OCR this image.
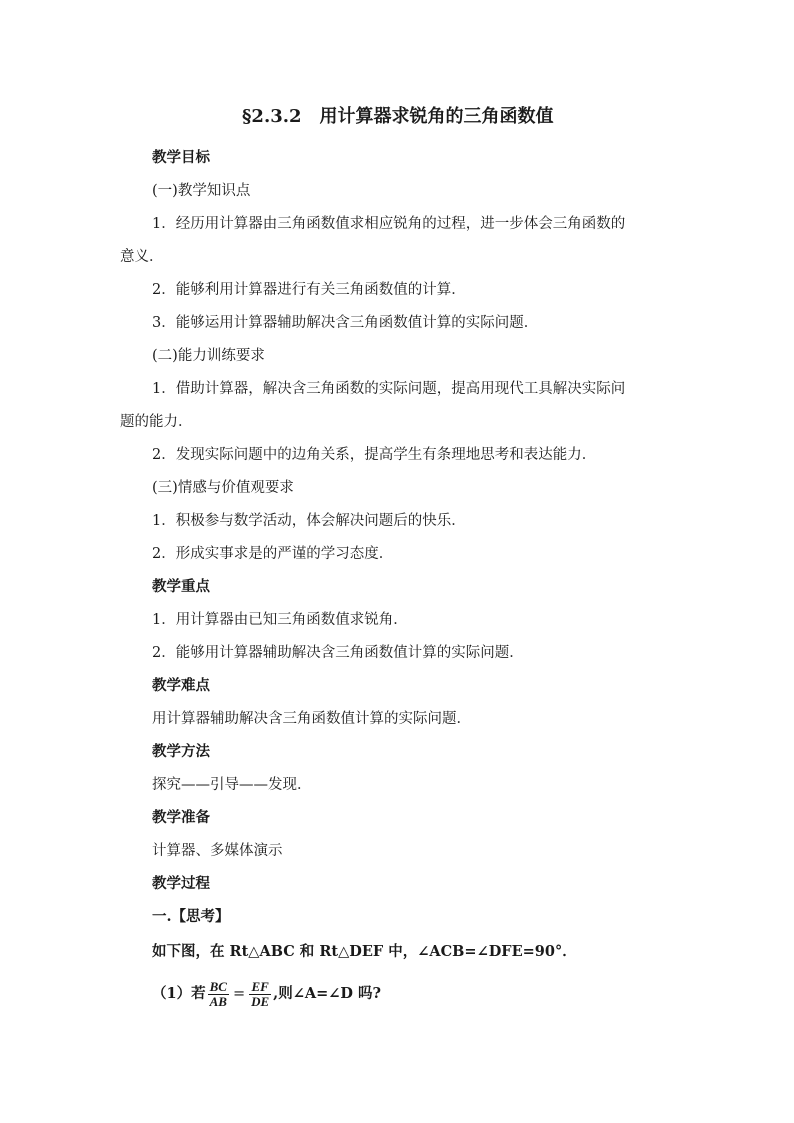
§2.3.2　用计算器求锐角的三角函数值
教学目标
(一)教学知识点
1．经历用计算器由三角函数值求相应锐角的过程，进一步体会三角函数的
意义．
2．能够利用计算器进行有关三角函数值的计算．
3．能够运用计算器辅助解决含三角函数值计算的实际问题．
(二)能力训练要求
1．借助计算器，解决含三角函数的实际问题，提高用现代工具解决实际问
题的能力．
2．发现实际问题中的边角关系，提高学生有条理地思考和表达能力．
(三)情感与价值观要求
1．积极参与数学活动，体会解决问题后的快乐．
2．形成实事求是的严谨的学习态度．
教学重点
1．用计算器由已知三角函数值求锐角．
2．能够用计算器辅助解决含三角函数值计算的实际问题．
教学难点
用计算器辅助解决含三角函数值计算的实际问题．
教学方法
探究——引导——发现．
教学准备
计算器、多媒体演示
教学过程
一.【思考】
如下图，在 Rt△ABC 和 Rt△DEF 中，∠ACB=∠DFE=90°．
（1）若 $\frac{BC}{AB} = \frac{EF}{DE}$ ,则∠A=∠D 吗?
